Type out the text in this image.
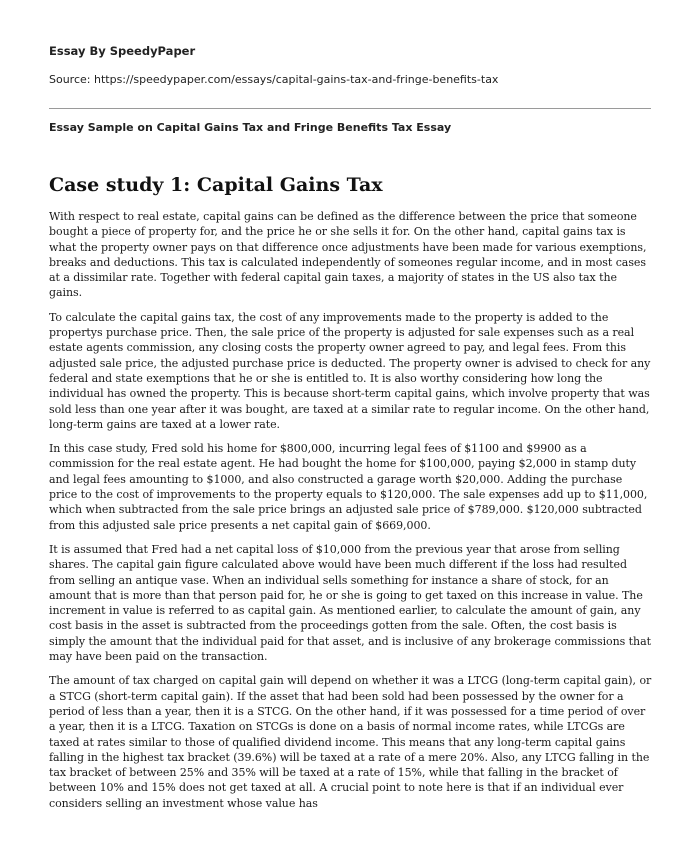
Essay By SpeedyPaper
Source: https://speedypaper.com/essays/capital-gains-tax-and-fringe-benefits-tax
Essay Sample on Capital Gains Tax and Fringe Benefits Tax Essay
Case study 1: Capital Gains Tax

With respect to real estate, capital gains can be defined as the difference between the price that someone bought a piece of property for, and the price he or she sells it for. On the other hand, capital gains tax is what the property owner pays on that difference once adjustments have been made for various exemptions, breaks and deductions. This tax is calculated independently of someones regular income, and in most cases at a dissimilar rate. Together with federal capital gain taxes, a majority of states in the US also tax the gains.

To calculate the capital gains tax, the cost of any improvements made to the property is added to the propertys purchase price. Then, the sale price of the property is adjusted for sale expenses such as a real estate agents commission, any closing costs the property owner agreed to pay, and legal fees. From this adjusted sale price, the adjusted purchase price is deducted. The property owner is advised to check for any federal and state exemptions that he or she is entitled to. It is also worthy considering how long the individual has owned the property. This is because short-term capital gains, which involve property that was sold less than one year after it was bought, are taxed at a similar rate to regular income. On the other hand, long-term gains are taxed at a lower rate.

In this case study, Fred sold his home for $800,000, incurring legal fees of $1100 and $9900 as a commission for the real estate agent. He had bought the home for $100,000, paying $2,000 in stamp duty and legal fees amounting to $1000, and also constructed a garage worth $20,000. Adding the purchase price to the cost of improvements to the property equals to $120,000. The sale expenses add up to $11,000, which when subtracted from the sale price brings an adjusted sale price of $789,000. $120,000 subtracted from this adjusted sale price presents a net capital gain of $669,000.

It is assumed that Fred had a net capital loss of $10,000 from the previous year that arose from selling shares. The capital gain figure calculated above would have been much different if the loss had resulted from selling an antique vase. When an individual sells something for instance a share of stock, for an amount that is more than that person paid for, he or she is going to get taxed on this increase in value. The increment in value is referred to as capital gain. As mentioned earlier, to calculate the amount of gain, any cost basis in the asset is subtracted from the proceedings gotten from the sale. Often, the cost basis is simply the amount that the individual paid for that asset, and is inclusive of any brokerage commissions that may have been paid on the transaction.

The amount of tax charged on capital gain will depend on whether it was a LTCG (long-term capital gain), or a STCG (short-term capital gain). If the asset that had been sold had been possessed by the owner for a period of less than a year, then it is a STCG. On the other hand, if it was possessed for a time period of over a year, then it is a LTCG. Taxation on STCGs is done on a basis of normal income rates, while LTCGs are taxed at rates similar to those of qualified dividend income. This means that any long-term capital gains falling in the highest tax bracket (39.6%) will be taxed at a rate of a mere 20%. Also, any LTCG falling in the tax bracket of between 25% and 35% will be taxed at a rate of 15%, while that falling in the bracket of between 10% and 15% does not get taxed at all. A crucial point to note here is that if an individual ever considers selling an investment whose value has
